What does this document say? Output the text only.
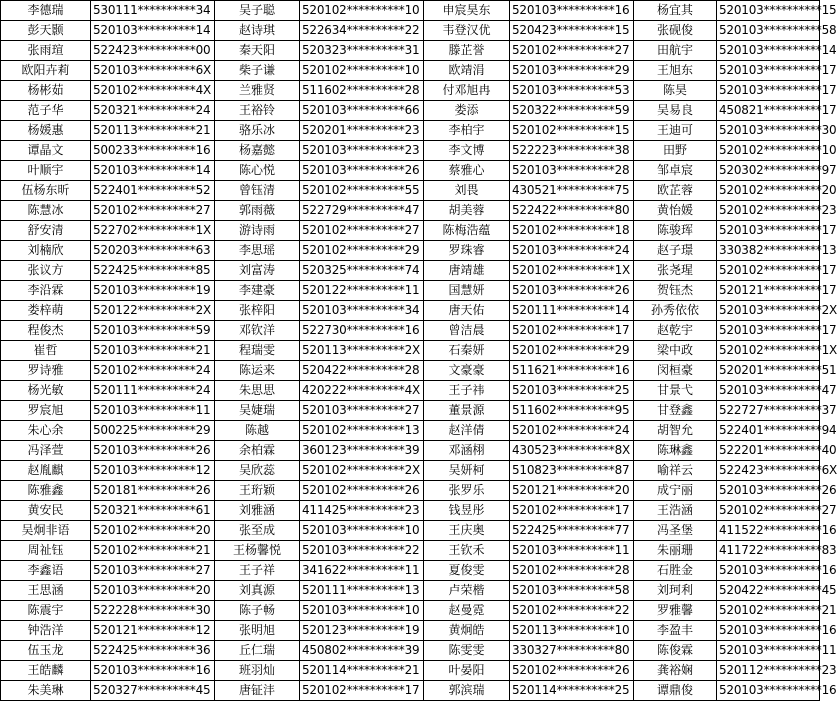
李德瑞	530111**********34	吴子聪	520102**********10	申宸昊东	520103**********16	杨宜其	520103**********15
彭天颢	520103**********14	赵诗琪	522634**********22	韦登汉优	520423**********15	张砚俊	520103**********58
张雨瑄	522423**********00	秦天阳	520323**********31	滕芷誉	520102**********27	田航宇	520103**********14
欧阳卉莉	520103**********6X	柴子谦	520102**********10	欧靖涓	520103**********29	王旭东	520103**********17
杨彬茹	520102**********4X	兰雅贤	511602**********28	付邓旭冉	520103**********53	陈昊	520103**********17
范子华	520321**********24	王裕铃	520103**********66	娄添	520322**********59	吴易良	450821**********17
杨媛惠	520113**********21	骆乐冰	520201**********23	李柏宇	520102**********15	王迪可	520103**********30
谭晶文	500233**********16	杨嘉懿	520103**********23	李文博	522223**********38	田野	520102**********10
叶顺宇	520103**********14	陈心悦	520103**********26	蔡雅心	520103**********28	邹卓宸	520302**********97
伍杨东昕	522401**********52	曾钰清	520102**********55	刘畏	430521**********75	欧芷蓉	520102**********20
陈慧冰	520102**********27	郭雨薇	522729**********47	胡美蓉	522422**********80	黄怡媛	520102**********23
舒安清	522702**********1X	游诗雨	520102**********27	陈梅浩蕴	520102**********18	陈骏珲	520103**********17
刘楠欣	520203**********63	李思瑶	520102**********29	罗珠睿	520103**********24	赵子璟	330382**********13
张议方	522425**********85	刘富涛	520325**********74	唐靖雄	520102**********1X	张尧瑆	520102**********17
李沿霖	520103**********19	李建豪	520122**********11	国慧妍	520103**********26	贺钰杰	520121**********17
娄梓萌	520122**********2X	张梓阳	520103**********34	唐天佑	520111**********14	孙秀依依	520103**********2X
程俊杰	520103**********59	邓钦洋	522730**********16	曾洁晨	520102**********17	赵乾宇	520103**********17
崔哲	520103**********21	程瑞雯	520113**********2X	石秦妍	520102**********29	梁中政	520102**********1X
罗诗雅	520102**********24	陈运来	520422**********28	文豪豪	511621**********16	闵桓豪	520201**********51
杨光敏	520111**********24	朱思思	420222**********4X	王子祎	520103**********25	甘景弋	520103**********47
罗宸旭	520103**********11	吴婕瑞	520103**********27	董景源	511602**********95	甘登鑫	522727**********37
朱心余	500225**********29	陈越	520102**********13	赵洋倩	520102**********24	胡智允	522401**********94
冯泽萱	520103**********26	余柏霖	360123**********39	邓涵栩	430523**********8X	陈琳鑫	522201**********40
赵胤麒	520103**********12	吴欣蕊	520102**********2X	吴妍柯	510823**********87	喻祥云	522423**********6X
陈雅鑫	520181**********26	王珩颖	520102**********26	张罗乐	520121**********20	成宁丽	520103**********26
黄安民	520321**********61	刘雅涵	411425**********23	钱昱彤	520102**********17	王浩涵	520102**********27
吴炯非语	520102**********20	张至成	520103**********10	王庆奥	522425**********77	冯圣堡	411522**********16
周祉钰	520102**********21	王杨馨悦	520103**********22	王钦禾	520103**********11	朱丽珊	411722**********83
李鑫语	520103**********27	王子祥	341622**********11	夏俊雯	520102**********28	石胜金	520103**********16
王思涵	520103**********20	刘真源	520111**********13	卢荣楷	520103**********58	刘珂利	520422**********45
陈震宇	522228**********30	陈子畅	520103**********10	赵曼霓	520102**********22	罗雅馨	520102**********21
钟浩洋	520121**********12	张明旭	520123**********19	黄炯皓	520113**********10	李盈丰	520103**********16
伍玉龙	522425**********36	丘仁瑞	450802**********39	陈雯雯	330327**********80	陈俊霖	520103**********11
王皓麟	520103**********16	班羽灿	520114**********21	叶晏阳	520102**********26	龚裕娴	520112**********23
朱美琳	520327**********45	唐钲沣	520102**********17	郭滨瑞	520114**********25	谭鼎俊	520103**********16
